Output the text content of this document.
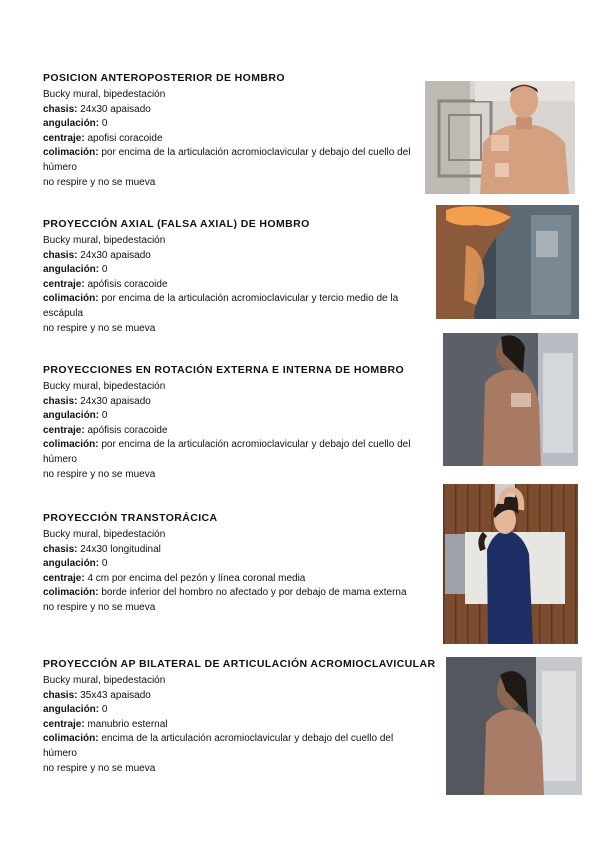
POSICION ANTEROPOSTERIOR DE HOMBRO

Bucky mural, bipedestación

chasis: 24x30 apaisado

angulación: 0

centraje: apofisi coracoide

colimación: por encima de la articulación acromioclavicular y debajo del cuello del húmero

no respire y no se mueva

PROYECCIÓN AXIAL (FALSA AXIAL) DE HOMBRO

Bucky mural, bipedestación

chasis: 24x30 apaisado

angulación: 0

centraje: apófisis coracoide

colimación: por encima de la articulación acromioclavicular y tercio medio de la escápula

no respire y no se mueva

PROYECCIONES EN ROTACIÓN EXTERNA E INTERNA DE HOMBRO

Bucky mural, bipedestación

chasis: 24x30 apaisado

angulación: 0

centraje: apófisis coracoide

colimación: por encima de la articulación acromioclavicular y debajo del cuello del húmero

no respire y no se mueva

PROYECCIÓN TRANSTORÁCICA

Bucky mural, bipedestación

chasis: 24x30 longitudinal

angulación: 0

centraje: 4 cm por encima del pezón y línea coronal media

colimación: borde inferior del hombro no afectado y por debajo de mama externa

no respire y no se mueva

PROYECCIÓN AP BILATERAL DE ARTICULACIÓN ACROMIOCLAVICULAR

Bucky mural, bipedestación

chasis: 35x43 apaisado

angulación: 0

centraje: manubrio esternal

colimación: encima de la articulación acromioclavicular y debajo del cuello del húmero

no respire y no se mueva
